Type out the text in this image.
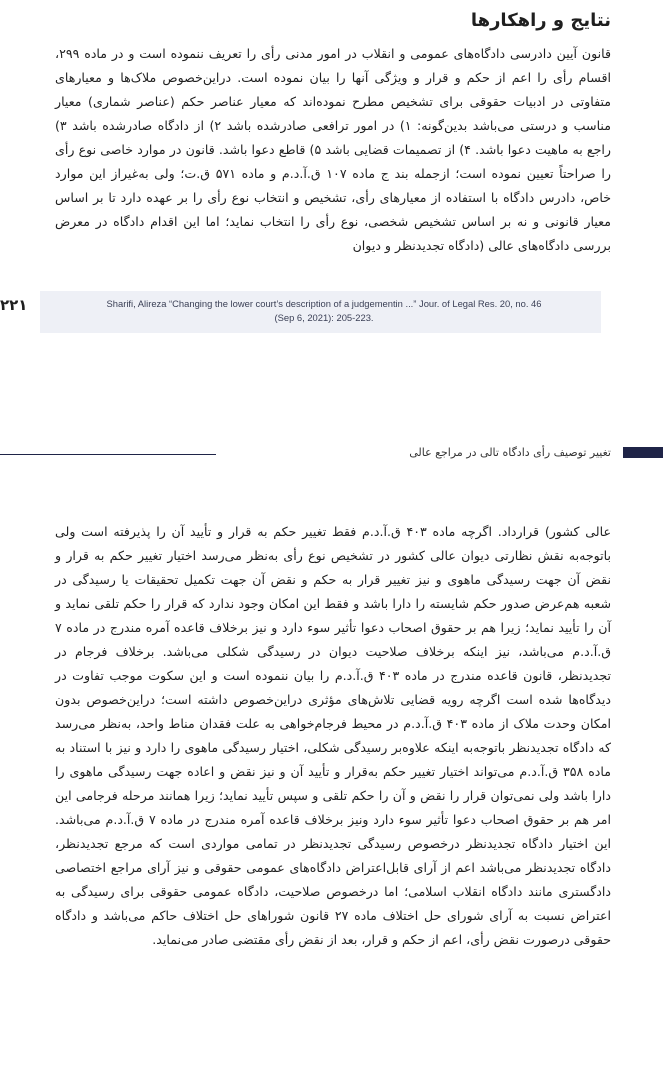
نتایج و راهکارها

قانون آیین دادرسی دادگاه‌های عمومی و انقلاب در امور مدنی رأی را تعریف ننموده است و در ماده ۲۹۹، اقسام رأی را اعم از حکم و قرار و ویژگی آنها را بیان نموده است. دراین‌خصوص ملاک‌ها و معیارهای متفاوتی در ادبیات حقوقی برای تشخیص مطرح نموده‌اند که معیار عناصر حکم (عناصر شماری) معیار مناسب و درستی می‌باشد بدین‌گونه: ۱) در امور ترافعی صادرشده باشد ۲) از دادگاه صادرشده باشد ۳) راجع به ماهیت دعوا باشد. ۴) از تصمیمات قضایی باشد ۵) قاطع دعوا باشد. قانون در موارد خاصی نوع رأی را صراحتاً تعیین نموده است؛ ازجمله بند ج ماده ۱۰۷ ق.آ.د.م و ماده ۵۷۱ ق.ت؛ ولی به‌غیراز این موارد خاص، دادرس دادگاه با استفاده از معیارهای رأی، تشخیص و انتخاب نوع رأی را بر عهده دارد تا بر اساس معیار قانونی و نه بر اساس تشخیص شخصی، نوع رأی را انتخاب نماید؛ اما این اقدام دادگاه در معرض بررسی دادگاه‌های عالی (دادگاه تجدیدنظر و دیوان

Sharifi, Alireza “Changing the lower court’s description of a judgementin ...” Jour. of Legal Res. 20, no. 46 (Sep 6, 2021): 205-223.
۲۲۱
تغییر توصیف رأی دادگاه تالی در مراجع عالی

عالی کشور) قرارداد. اگرچه ماده ۴۰۳ ق.آ.د.م فقط تغییر حکم به قرار و تأیید آن را پذیرفته است ولی باتوجه‌به نقش نظارتی دیوان عالی کشور در تشخیص نوع رأی به‌نظر می‌رسد اختیار تغییر حکم به قرار و نقض آن جهت رسیدگی ماهوی و نیز تغییر قرار به حکم و نقض آن جهت تکمیل تحقیقات یا رسیدگی در شعبه هم‌عرض صدور حکم شایسته را دارا باشد و فقط این امکان وجود ندارد که قرار را حکم تلقی نماید و آن را تأیید نماید؛ زیرا هم بر حقوق اصحاب دعوا تأثیر سوء دارد و نیز برخلاف قاعده آمره مندرج در ماده ۷ ق.آ.د.م می‌باشد، نیز اینکه برخلاف صلاحیت دیوان در رسیدگی شکلی می‌باشد. برخلاف فرجام در تجدیدنظر، قانون قاعده مندرج در ماده ۴۰۳ ق.آ.د.م را بیان ننموده است و این سکوت موجب تفاوت در دیدگاه‌ها شده است اگرچه رویه قضایی تلاش‌های مؤثری دراین‌خصوص داشته است؛ دراین‌خصوص بدون امکان وحدت ملاک از ماده ۴۰۳ ق.آ.د.م در محیط فرجام‌خواهی به علت فقدان مناط واحد، به‌نظر می‌رسد که دادگاه تجدیدنظر باتوجه‌به اینکه علاوه‌بر رسیدگی شکلی، اختیار رسیدگی ماهوی را دارد و نیز با استناد به ماده ۳۵۸ ق.آ.د.م می‌تواند اختیار تغییر حکم به‌قرار و تأیید آن و نیز نقض و اعاده جهت رسیدگی ماهوی را دارا باشد ولی نمی‌توان قرار را نقض و آن را حکم تلقی و سپس تأیید نماید؛ زیرا همانند مرحله فرجامی این امر هم بر حقوق اصحاب دعوا تأثیر سوء دارد ونیز برخلاف قاعده آمره مندرج در ماده ۷ ق.آ.د.م می‌باشد. این اختیار دادگاه تجدیدنظر درخصوص رسیدگی تجدیدنظر در تمامی مواردی است که مرجع تجدیدنظر، دادگاه تجدیدنظر می‌باشد اعم از آرای قابل‌اعتراض دادگاه‌های عمومی حقوقی و نیز آرای مراجع اختصاصی دادگستری مانند دادگاه انقلاب اسلامی؛ اما درخصوص صلاحیت، دادگاه عمومی حقوقی برای رسیدگی به اعتراض نسبت به آرای شورای حل اختلاف ماده ۲۷ قانون شوراهای حل اختلاف حاکم می‌باشد و دادگاه حقوقی درصورت نقض رأی، اعم از حکم و قرار، بعد از نقض رأی مقتضی صادر می‌نماید.
